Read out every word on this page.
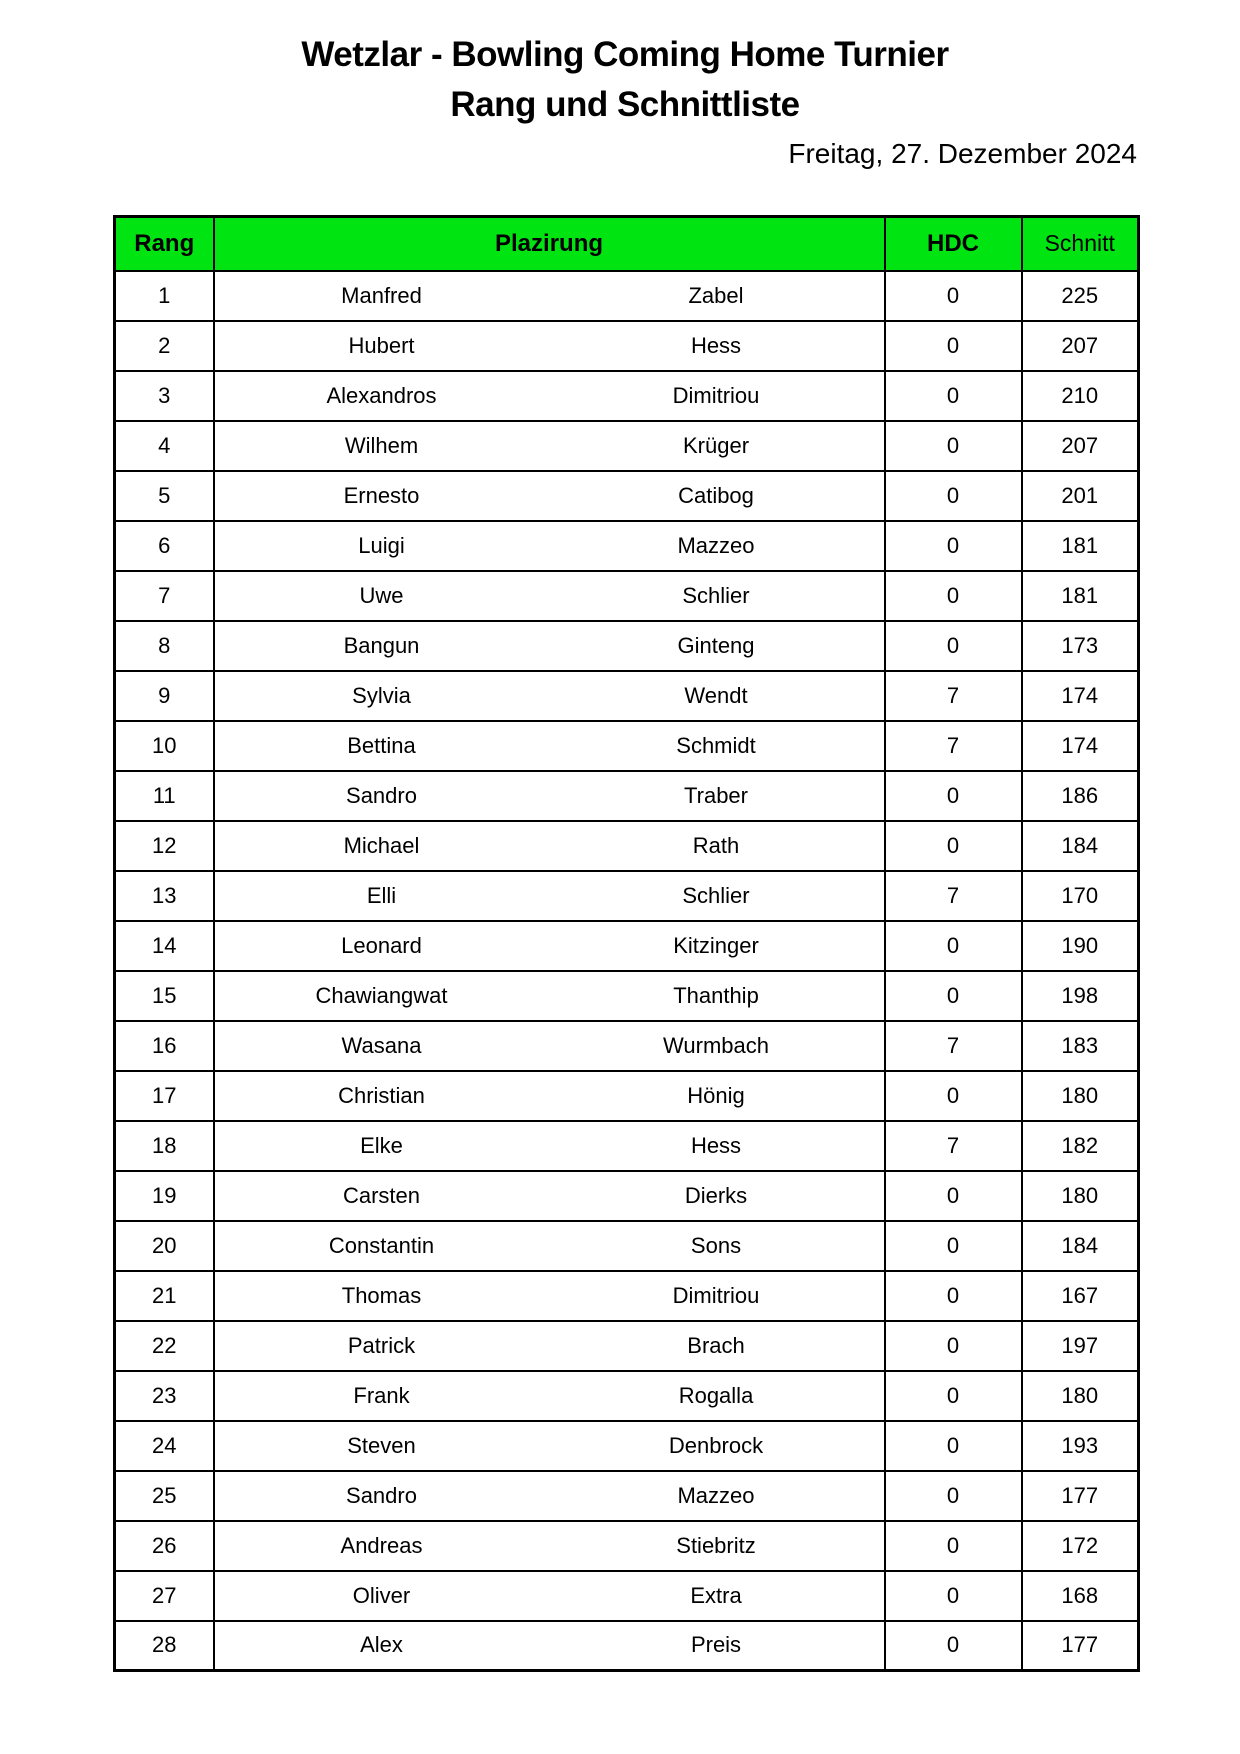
Wetzlar - Bowling Coming Home Turnier
Rang und Schnittliste
Freitag, 27. Dezember 2024
Rang	Plazirung		HDC	Schnitt
1	Manfred	Zabel	0	225
2	Hubert	Hess	0	207
3	Alexandros	Dimitriou	0	210
4	Wilhem	Krüger	0	207
5	Ernesto	Catibog	0	201
6	Luigi	Mazzeo	0	181
7	Uwe	Schlier	0	181
8	Bangun	Ginteng	0	173
9	Sylvia	Wendt	7	174
10	Bettina	Schmidt	7	174
11	Sandro	Traber	0	186
12	Michael	Rath	0	184
13	Elli	Schlier	7	170
14	Leonard	Kitzinger	0	190
15	Chawiangwat	Thanthip	0	198
16	Wasana	Wurmbach	7	183
17	Christian	Hönig	0	180
18	Elke	Hess	7	182
19	Carsten	Dierks	0	180
20	Constantin	Sons	0	184
21	Thomas	Dimitriou	0	167
22	Patrick	Brach	0	197
23	Frank	Rogalla	0	180
24	Steven	Denbrock	0	193
25	Sandro	Mazzeo	0	177
26	Andreas	Stiebritz	0	172
27	Oliver	Extra	0	168
28	Alex	Preis	0	177
